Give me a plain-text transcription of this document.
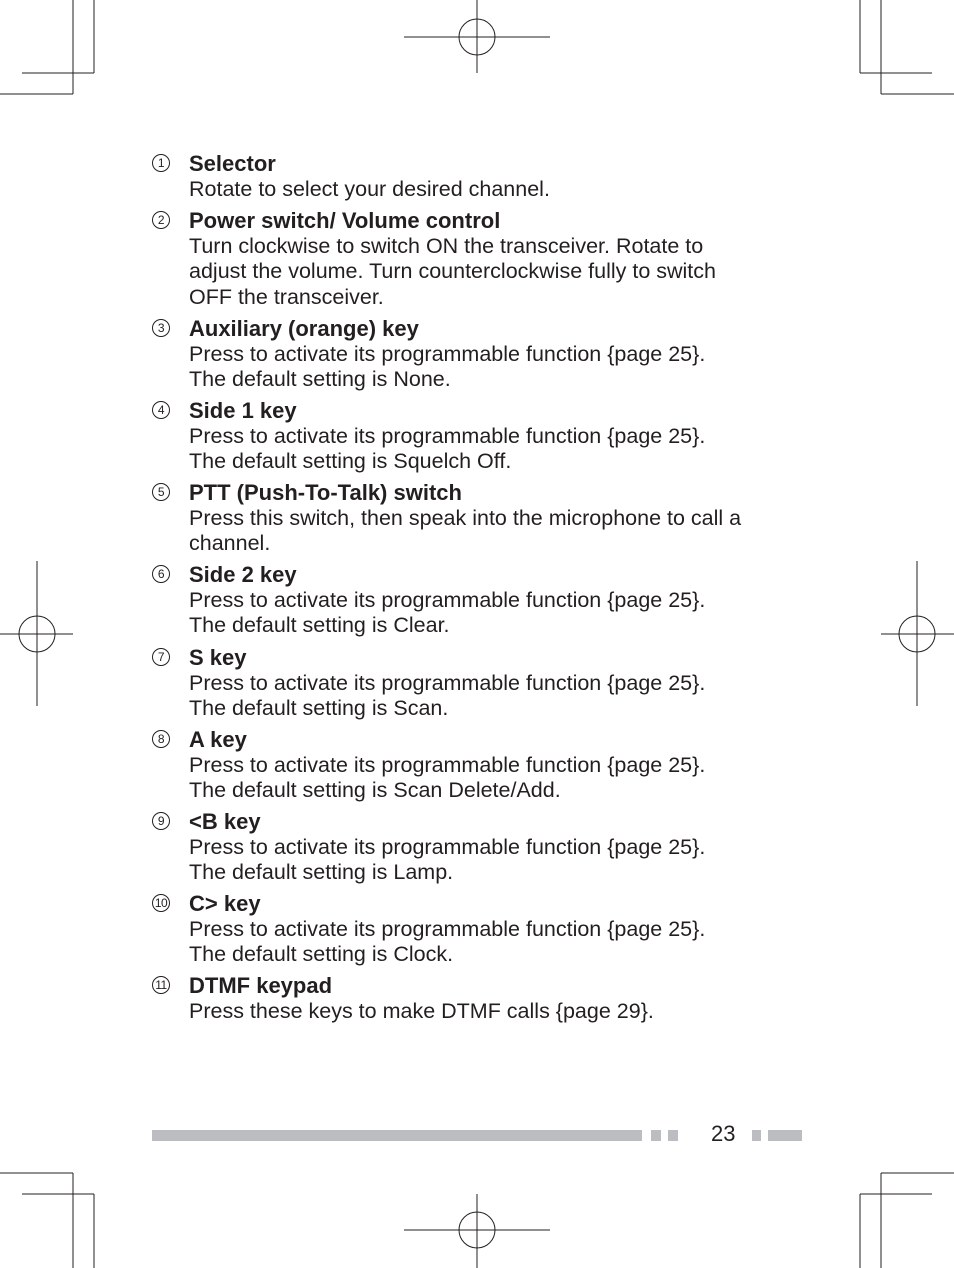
1 Selector
Rotate to select your desired channel.
2 Power switch/ Volume control
Turn clockwise to switch ON the transceiver. Rotate to
adjust the volume. Turn counterclockwise fully to switch
OFF the transceiver.
3 Auxiliary (orange) key
Press to activate its programmable function {page 25}.
The default setting is None.
4 Side 1 key
Press to activate its programmable function {page 25}.
The default setting is Squelch Off.
5 PTT (Push-To-Talk) switch
Press this switch, then speak into the microphone to call a
channel.
6 Side 2 key
Press to activate its programmable function {page 25}.
The default setting is Clear.
7 S key
Press to activate its programmable function {page 25}.
The default setting is Scan.
8 A key
Press to activate its programmable function {page 25}.
The default setting is Scan Delete/Add.
9 <B key
Press to activate its programmable function {page 25}.
The default setting is Lamp.
10 C> key
Press to activate its programmable function {page 25}.
The default setting is Clock.
11 DTMF keypad
Press these keys to make DTMF calls {page 29}.
23
